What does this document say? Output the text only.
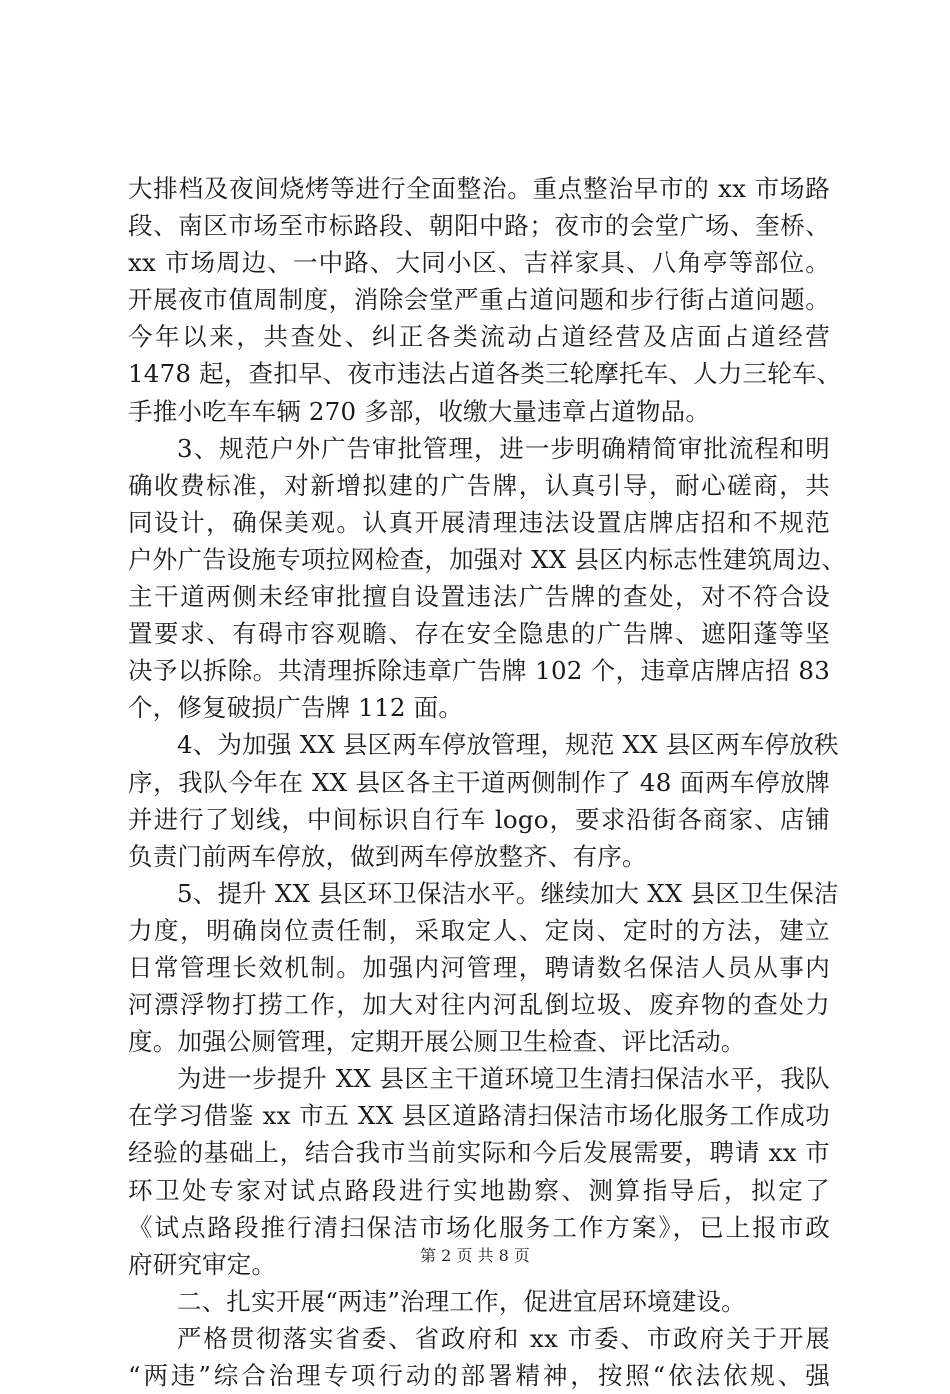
大排档及夜间烧烤等进行全面整治。重点整治早市的 xx 市场路
段、南区市场至市标路段、朝阳中路；夜市的会堂广场、奎桥、
xx 市场周边、一中路、大同小区、吉祥家具、八角亭等部位。
开展夜市值周制度，消除会堂严重占道问题和步行街占道问题。
今年以来，共查处、纠正各类流动占道经营及店面占道经营
1478 起，查扣早、夜市违法占道各类三轮摩托车、人力三轮车、
手推小吃车车辆 270 多部，收缴大量违章占道物品。
3、规范户外广告审批管理，进一步明确精简审批流程和明
确收费标准，对新增拟建的广告牌，认真引导，耐心磋商，共
同设计，确保美观。认真开展清理违法设置店牌店招和不规范
户外广告设施专项拉网检查，加强对 XX 县区内标志性建筑周边、
主干道两侧未经审批擅自设置违法广告牌的查处，对不符合设
置要求、有碍市容观瞻、存在安全隐患的广告牌、遮阳蓬等坚
决予以拆除。共清理拆除违章广告牌 102 个，违章店牌店招 83
个，修复破损广告牌 112 面。
4、为加强 XX 县区两车停放管理，规范 XX 县区两车停放秩
序，我队今年在 XX 县区各主干道两侧制作了 48 面两车停放牌
并进行了划线，中间标识自行车 logo，要求沿街各商家、店铺
负责门前两车停放，做到两车停放整齐、有序。
5、提升 XX 县区环卫保洁水平。继续加大 XX 县区卫生保洁
力度，明确岗位责任制，采取定人、定岗、定时的方法，建立
日常管理长效机制。加强内河管理，聘请数名保洁人员从事内
河漂浮物打捞工作，加大对往内河乱倒垃圾、废弃物的查处力
度。加强公厕管理，定期开展公厕卫生检查、评比活动。
为进一步提升 XX 县区主干道环境卫生清扫保洁水平，我队
在学习借鉴 xx 市五 XX 县区道路清扫保洁市场化服务工作成功
经验的基础上，结合我市当前实际和今后发展需要，聘请 xx 市
环卫处专家对试点路段进行实地勘察、测算指导后，拟定了
《试点路段推行清扫保洁市场化服务工作方案》，已上报市政
府研究审定。
二、扎实开展“两违”治理工作，促进宜居环境建设。
严格贯彻落实省委、省政府和 xx 市委、市政府关于开展
“两违”综合治理专项行动的部署精神，按照“依法依规、强
第 2 页 共 8 页
